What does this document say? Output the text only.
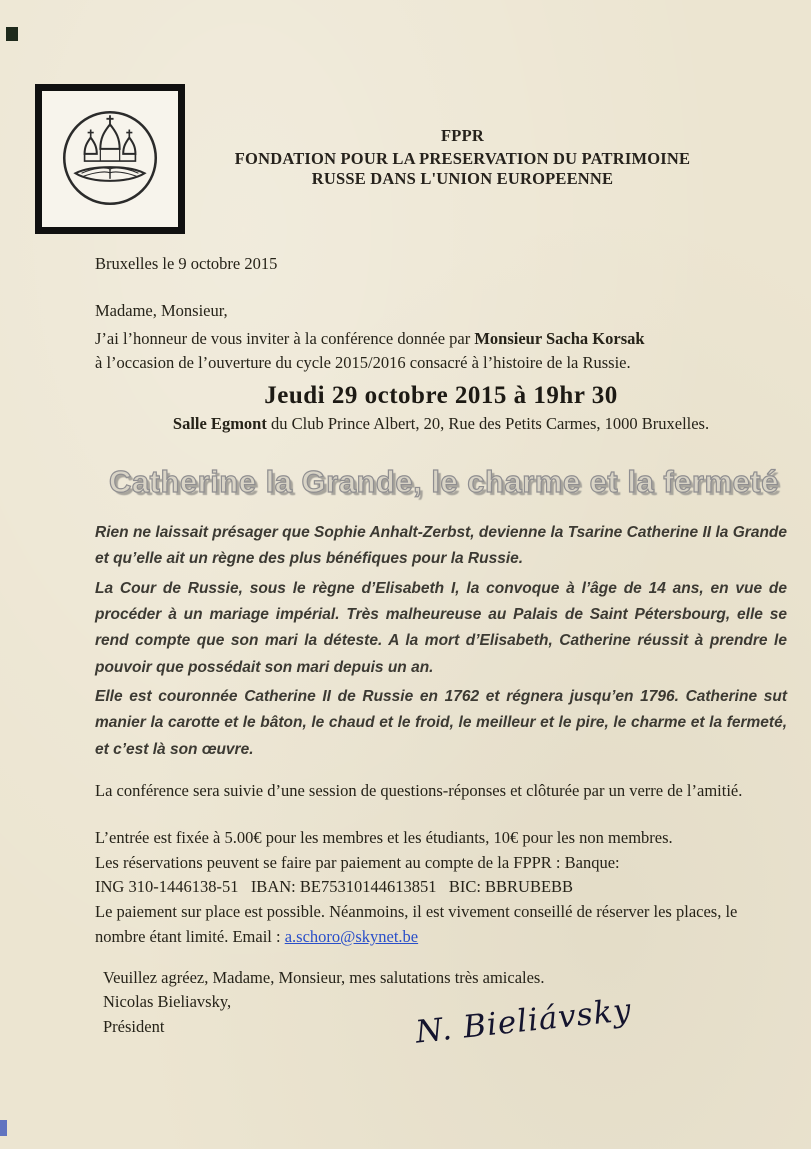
FPPR
FONDATION POUR LA PRESERVATION DU PATRIMOINE
RUSSE DANS L'UNION EUROPEENNE

Bruxelles le 9 octobre 2015

Madame, Monsieur,

J’ai l’honneur de vous inviter à la conférence donnée par Monsieur Sacha Korsak

à l’occasion de l’ouverture du cycle 2015/2016 consacré à l’histoire de la Russie.

Jeudi 29 octobre 2015 à 19hr 30

Salle Egmont du Club Prince Albert, 20, Rue des Petits Carmes, 1000 Bruxelles.

Catherine la Grande, le charme et la fermeté

Rien ne laissait présager que Sophie Anhalt-Zerbst, devienne la Tsarine Catherine II la Grande et qu’elle ait un règne des plus bénéfiques pour la Russie.

La Cour de Russie, sous le règne d’Elisabeth I, la convoque à l’âge de 14 ans, en vue de procéder à un mariage impérial. Très malheureuse au Palais de Saint Pétersbourg, elle se rend compte que son mari la déteste. A la mort d’Elisabeth, Catherine réussit à prendre le pouvoir que possédait son mari depuis un an.

Elle est couronnée Catherine II de Russie en 1762 et régnera jusqu’en 1796. Catherine sut manier la carotte et le bâton, le chaud et le froid, le meilleur et le pire, le charme et la fermeté, et c’est là son œuvre.

La conférence sera suivie d’une session de questions-réponses et clôturée par un verre de l’amitié.

L’entrée est fixée à 5.00€ pour les membres et les étudiants, 10€ pour les non membres.

Les réservations peuvent se faire par paiement au compte de la FPPR : Banque:

ING 310-1446138-51   IBAN: BE75310144613851   BIC: BBRUBEBB

Le paiement sur place est possible. Néanmoins, il est vivement conseillé de réserver les places, le nombre étant limité. Email : a.schoro@skynet.be

Veuillez agréez, Madame, Monsieur, mes salutations très amicales.

Nicolas Bieliavsky,

Président	N. Bieliávsky
